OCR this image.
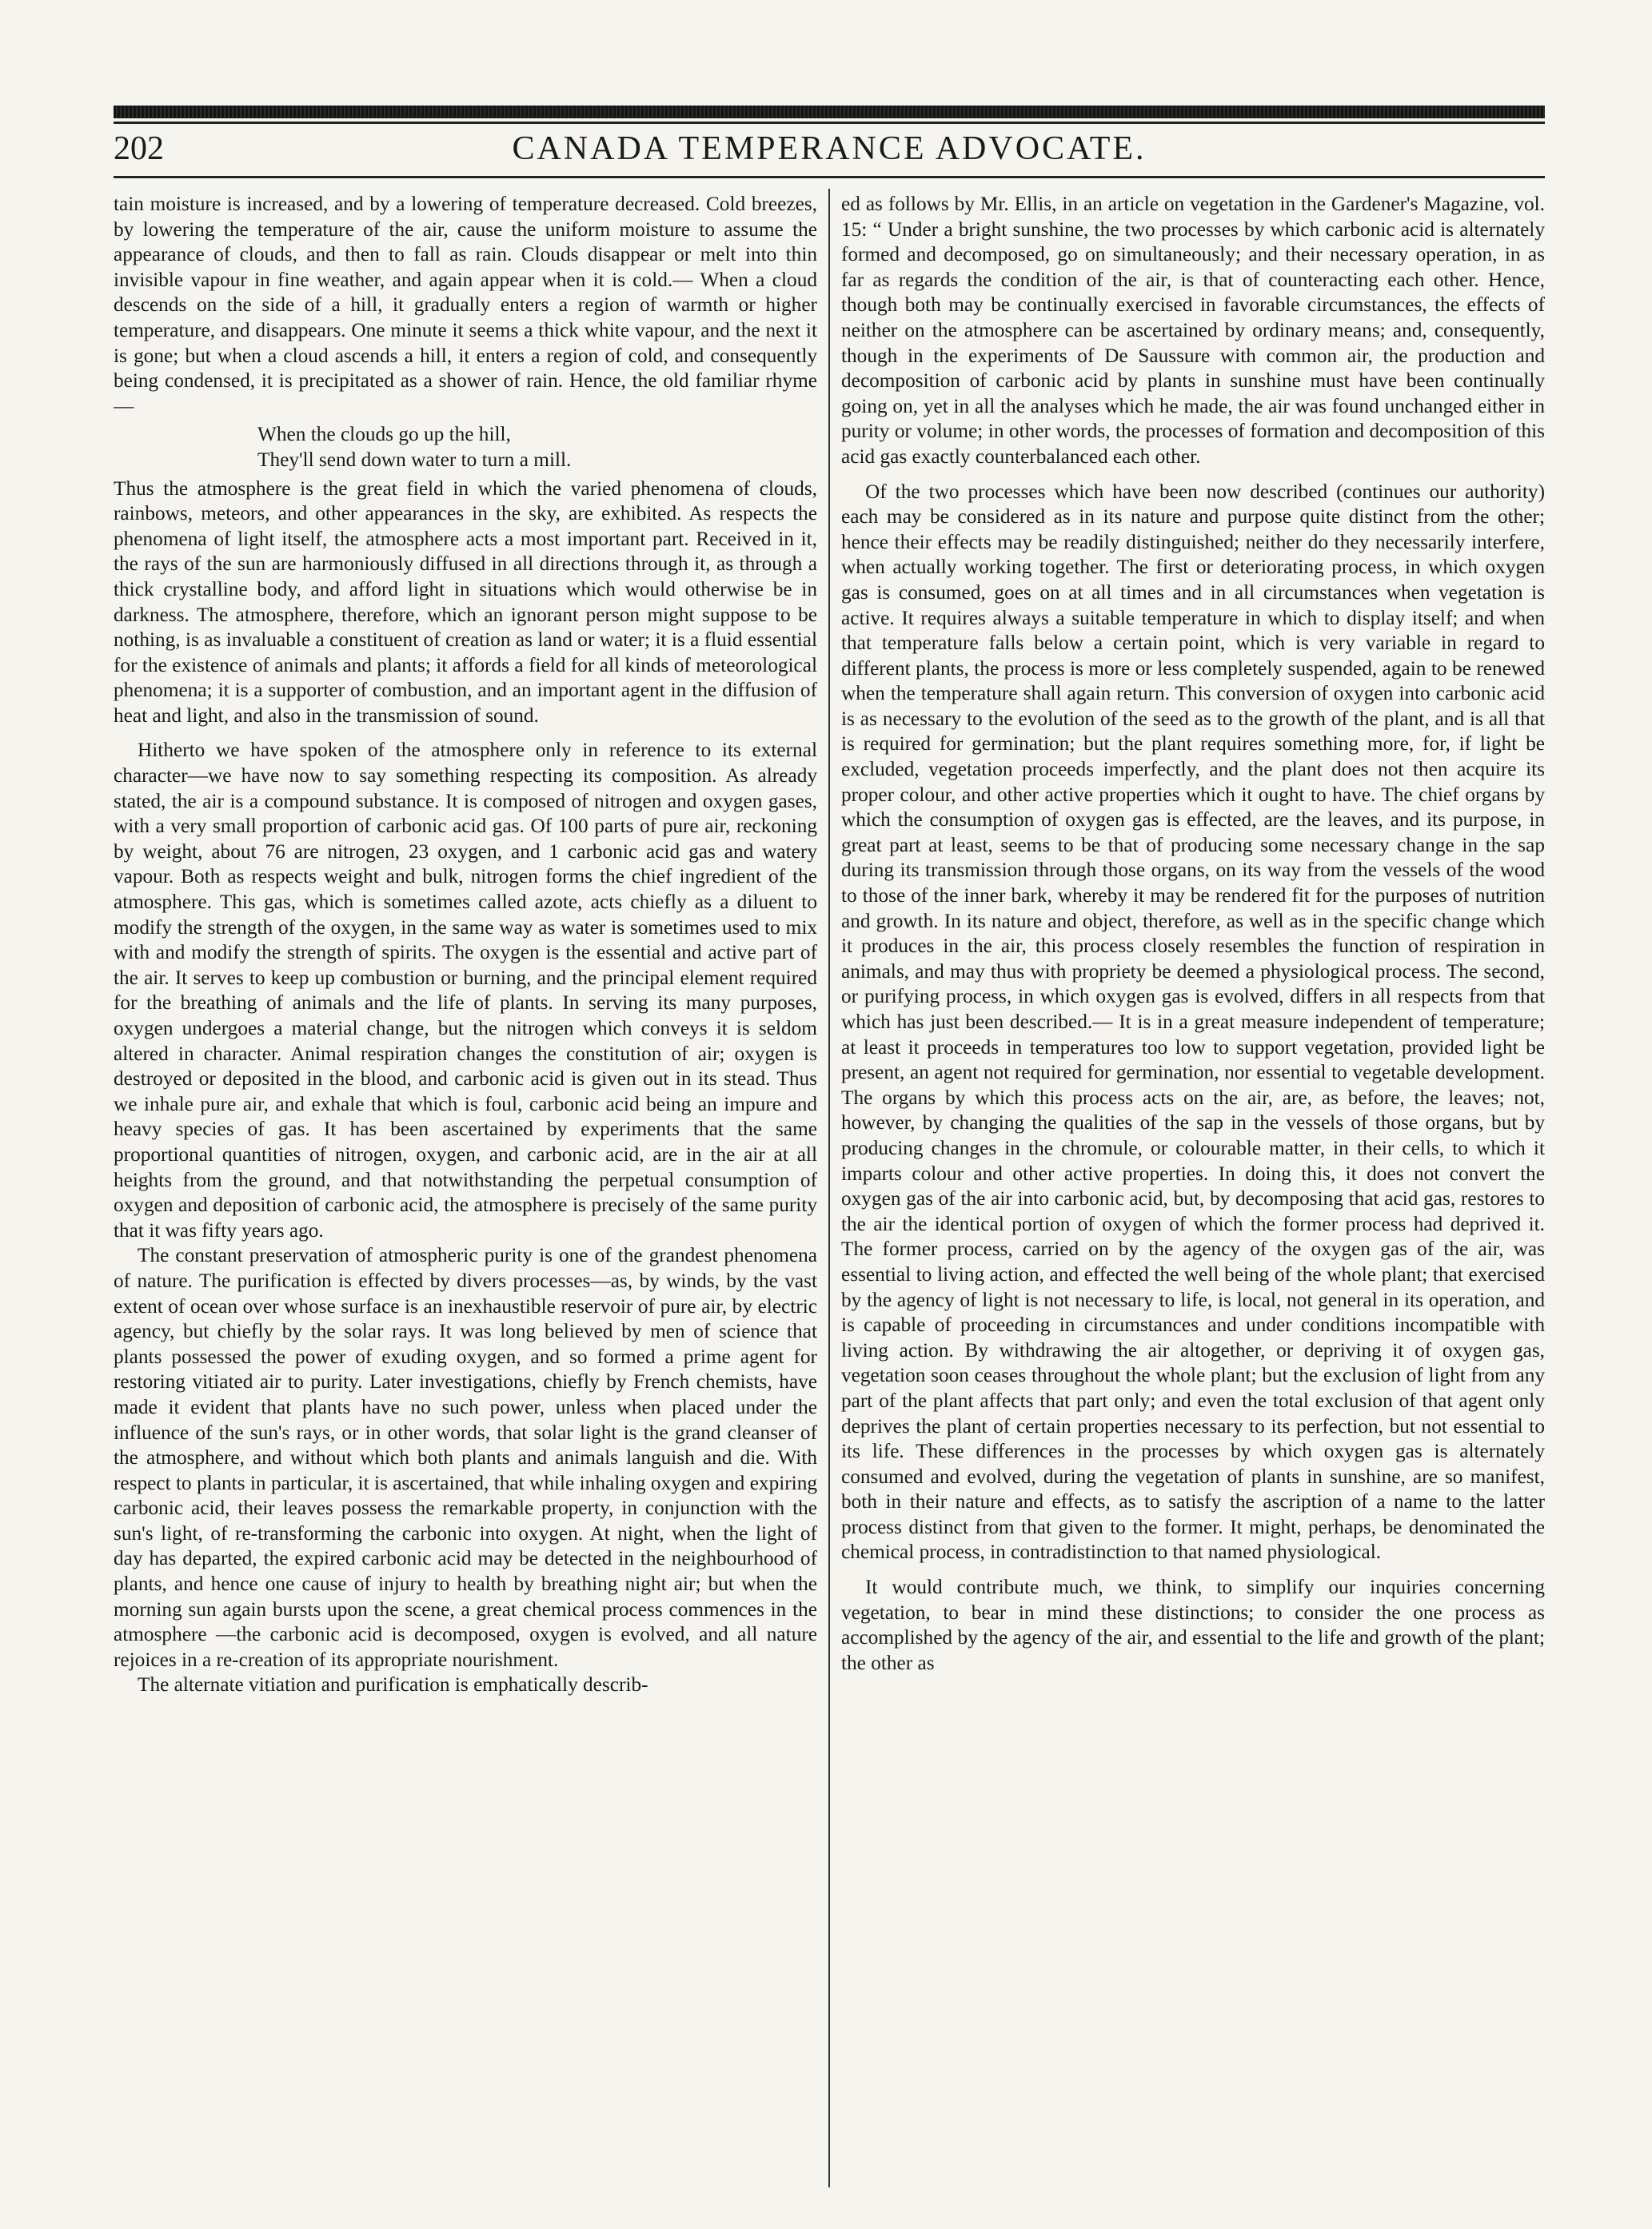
202	CANADA TEMPERANCE ADVOCATE.

tain moisture is increased, and by a lowering of temperature decreased. Cold breezes, by lowering the temperature of the air, cause the uniform moisture to assume the appearance of clouds, and then to fall as rain. Clouds disappear or melt into thin invisible vapour in fine weather, and again appear when it is cold.— When a cloud descends on the side of a hill, it gradually enters a region of warmth or higher temperature, and disappears. One minute it seems a thick white vapour, and the next it is gone; but when a cloud ascends a hill, it enters a region of cold, and consequently being condensed, it is precipitated as a shower of rain. Hence, the old familiar rhyme—

When the clouds go up the hill,
They'll send down water to turn a mill.

Thus the atmosphere is the great field in which the varied phenomena of clouds, rainbows, meteors, and other appearances in the sky, are exhibited. As respects the phenomena of light itself, the atmosphere acts a most important part. Received in it, the rays of the sun are harmoniously diffused in all directions through it, as through a thick crystalline body, and afford light in situations which would otherwise be in darkness. The atmosphere, therefore, which an ignorant person might suppose to be nothing, is as invaluable a constituent of creation as land or water; it is a fluid essential for the existence of animals and plants; it affords a field for all kinds of meteorological phenomena; it is a supporter of combustion, and an important agent in the diffusion of heat and light, and also in the transmission of sound.

Hitherto we have spoken of the atmosphere only in reference to its external character—we have now to say something respecting its composition. As already stated, the air is a compound substance. It is composed of nitrogen and oxygen gases, with a very small proportion of carbonic acid gas. Of 100 parts of pure air, reckoning by weight, about 76 are nitrogen, 23 oxygen, and 1 carbonic acid gas and watery vapour. Both as respects weight and bulk, nitrogen forms the chief ingredient of the atmosphere. This gas, which is sometimes called azote, acts chiefly as a diluent to modify the strength of the oxygen, in the same way as water is sometimes used to mix with and modify the strength of spirits. The oxygen is the essential and active part of the air. It serves to keep up combustion or burning, and the principal element required for the breathing of animals and the life of plants. In serving its many purposes, oxygen undergoes a material change, but the nitrogen which conveys it is seldom altered in character. Animal respiration changes the constitution of air; oxygen is destroyed or deposited in the blood, and carbonic acid is given out in its stead. Thus we inhale pure air, and exhale that which is foul, carbonic acid being an impure and heavy species of gas. It has been ascertained by experiments that the same proportional quantities of nitrogen, oxygen, and carbonic acid, are in the air at all heights from the ground, and that notwithstanding the perpetual consumption of oxygen and deposition of carbonic acid, the atmosphere is precisely of the same purity that it was fifty years ago.

The constant preservation of atmospheric purity is one of the grandest phenomena of nature. The purification is effected by divers processes—as, by winds, by the vast extent of ocean over whose surface is an inexhaustible reservoir of pure air, by electric agency, but chiefly by the solar rays. It was long believed by men of science that plants possessed the power of exuding oxygen, and so formed a prime agent for restoring vitiated air to purity. Later investigations, chiefly by French chemists, have made it evident that plants have no such power, unless when placed under the influence of the sun's rays, or in other words, that solar light is the grand cleanser of the atmosphere, and without which both plants and animals languish and die. With respect to plants in particular, it is ascertained, that while inhaling oxygen and expiring carbonic acid, their leaves possess the remarkable property, in conjunction with the sun's light, of re-transforming the carbonic into oxygen. At night, when the light of day has departed, the expired carbonic acid may be detected in the neighbourhood of plants, and hence one cause of injury to health by breathing night air; but when the morning sun again bursts upon the scene, a great chemical process commences in the atmosphere —the carbonic acid is decomposed, oxygen is evolved, and all nature rejoices in a re-creation of its appropriate nourishment.

The alternate vitiation and purification is emphatically describ-

ed as follows by Mr. Ellis, in an article on vegetation in the Gardener's Magazine, vol. 15: “ Under a bright sunshine, the two processes by which carbonic acid is alternately formed and decomposed, go on simultaneously; and their necessary operation, in as far as regards the condition of the air, is that of counteracting each other. Hence, though both may be continually exercised in favorable circumstances, the effects of neither on the atmosphere can be ascertained by ordinary means; and, consequently, though in the experiments of De Saussure with common air, the production and decomposition of carbonic acid by plants in sunshine must have been continually going on, yet in all the analyses which he made, the air was found unchanged either in purity or volume; in other words, the processes of formation and decomposition of this acid gas exactly counterbalanced each other.

Of the two processes which have been now described (continues our authority) each may be considered as in its nature and purpose quite distinct from the other; hence their effects may be readily distinguished; neither do they necessarily interfere, when actually working together. The first or deteriorating process, in which oxygen gas is consumed, goes on at all times and in all circumstances when vegetation is active. It requires always a suitable temperature in which to display itself; and when that temperature falls below a certain point, which is very variable in regard to different plants, the process is more or less completely suspended, again to be renewed when the temperature shall again return. This conversion of oxygen into carbonic acid is as necessary to the evolution of the seed as to the growth of the plant, and is all that is required for germination; but the plant requires something more, for, if light be excluded, vegetation proceeds imperfectly, and the plant does not then acquire its proper colour, and other active properties which it ought to have. The chief organs by which the consumption of oxygen gas is effected, are the leaves, and its purpose, in great part at least, seems to be that of producing some necessary change in the sap during its transmission through those organs, on its way from the vessels of the wood to those of the inner bark, whereby it may be rendered fit for the purposes of nutrition and growth. In its nature and object, therefore, as well as in the specific change which it produces in the air, this process closely resembles the function of respiration in animals, and may thus with propriety be deemed a physiological process. The second, or purifying process, in which oxygen gas is evolved, differs in all respects from that which has just been described.— It is in a great measure independent of temperature; at least it proceeds in temperatures too low to support vegetation, provided light be present, an agent not required for germination, nor essential to vegetable development. The organs by which this process acts on the air, are, as before, the leaves; not, however, by changing the qualities of the sap in the vessels of those organs, but by producing changes in the chromule, or colourable matter, in their cells, to which it imparts colour and other active properties. In doing this, it does not convert the oxygen gas of the air into carbonic acid, but, by decomposing that acid gas, restores to the air the identical portion of oxygen of which the former process had deprived it. The former process, carried on by the agency of the oxygen gas of the air, was essential to living action, and effected the well being of the whole plant; that exercised by the agency of light is not necessary to life, is local, not general in its operation, and is capable of proceeding in circumstances and under conditions incompatible with living action. By withdrawing the air altogether, or depriving it of oxygen gas, vegetation soon ceases throughout the whole plant; but the exclusion of light from any part of the plant affects that part only; and even the total exclusion of that agent only deprives the plant of certain properties necessary to its perfection, but not essential to its life. These differences in the processes by which oxygen gas is alternately consumed and evolved, during the vegetation of plants in sunshine, are so manifest, both in their nature and effects, as to satisfy the ascription of a name to the latter process distinct from that given to the former. It might, perhaps, be denominated the chemical process, in contradistinction to that named physiological.

It would contribute much, we think, to simplify our inquiries concerning vegetation, to bear in mind these distinctions; to consider the one process as accomplished by the agency of the air, and essential to the life and growth of the plant; the other as
